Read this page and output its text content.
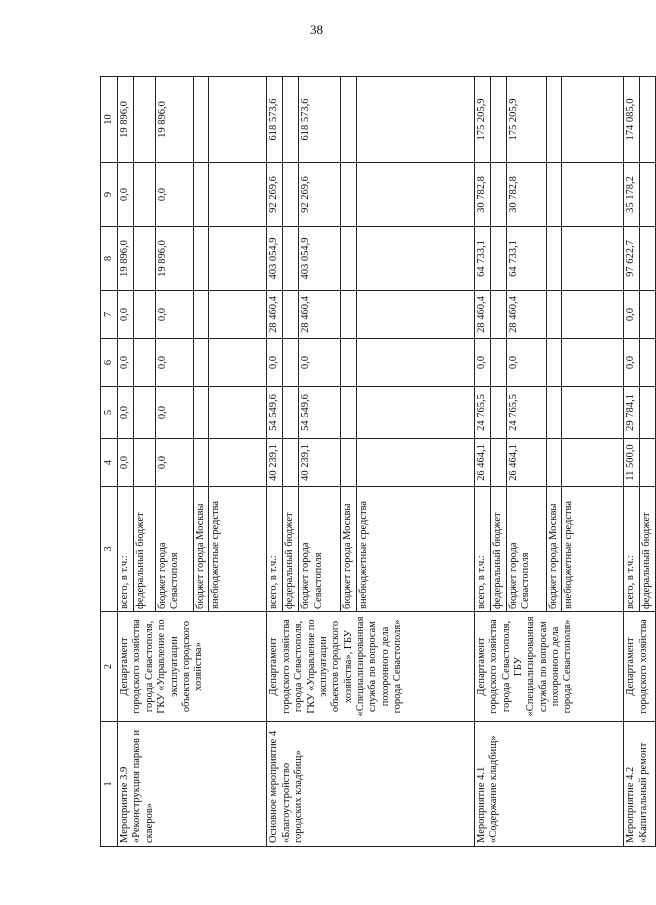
38
1	2	3	4	5	6	7	8	9	10
Мероприятие 3.9 «Реконструкция парков и скверов»	Департамент городского хозяйства города Севастополя, ГКУ «Управление по эксплуатации объектов городского хозяйства»	всего, в т.ч.:	0,0	0,0	0,0	0,0	19 896,0	0,0	19 896,0
		федеральный бюджет							
		бюджет города Севастополя	0,0	0,0	0,0	0,0	19 896,0	0,0	19 896,0
		бюджет города Москвы							
		внебюджетные средства							
Основное мероприятие 4 «Благоустройство городских кладбищ»	Департамент городского хозяйства города Севастополя, ГКУ «Управление по эксплуатации объектов городского хозяйства», ГБУ «Специализированная служба по вопросам похоронного дела города Севастополя»	всего, в т.ч.:	40 239,1	54 549,6	0,0	28 460,4	403 054,9	92 269,6	618 573,6
		федеральный бюджет							
		бюджет города Севастополя	40 239,1	54 549,6	0,0	28 460,4	403 054,9	92 269,6	618 573,6
		бюджет города Москвы							
		внебюджетные средства							
Мероприятие 4.1 «Содержание кладбищ»	Департамент городского хозяйства города Севастополя, ГБУ «Специализированная служба по вопросам похоронного дела города Севастополя»	всего, в т.ч.:	26 464,1	24 765,5	0,0	28 460,4	64 733,1	30 782,8	175 205,9
		федеральный бюджет							
		бюджет города Севастополя	26 464,1	24 765,5	0,0	28 460,4	64 733,1	30 782,8	175 205,9
		бюджет города Москвы							
		внебюджетные средства							
Мероприятие 4.2 «Капитальный ремонт	Департамент городского хозяйства	всего, в т.ч.:	11 500,0	29 784,1	0,0	0,0	97 622,7	35 178,2	174 085,0
		федеральный бюджет							
